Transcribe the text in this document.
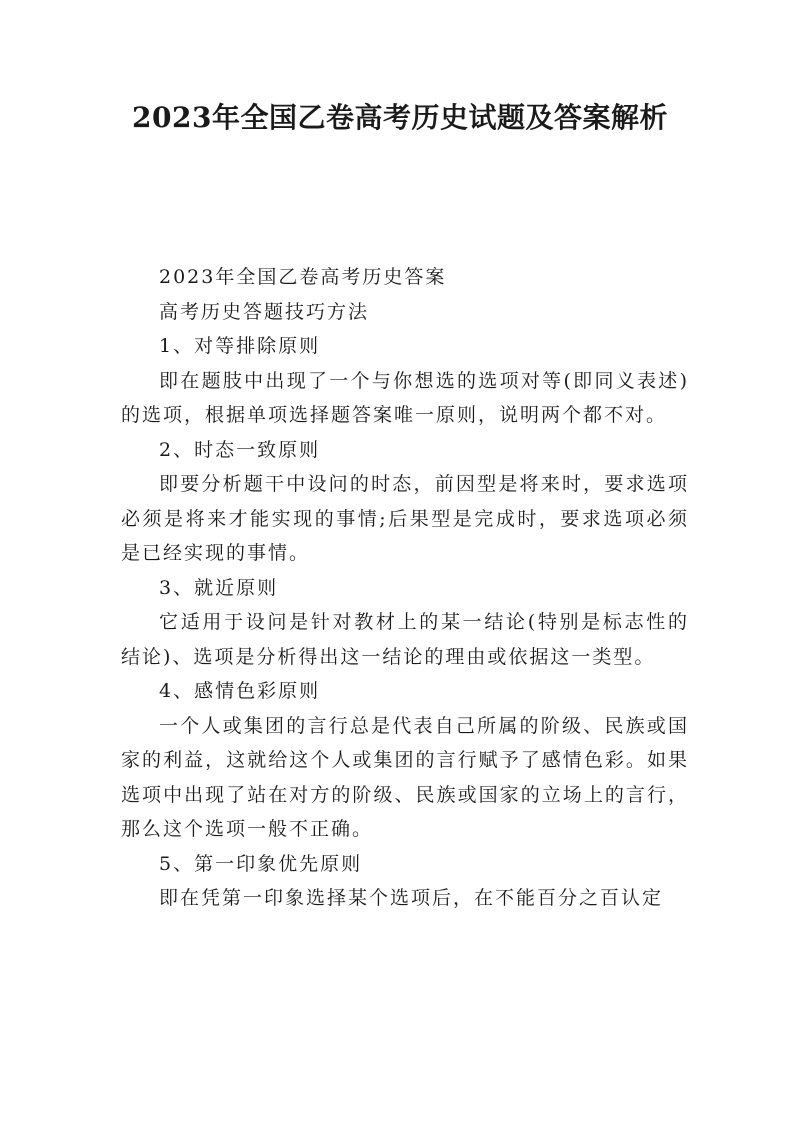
2023年全国乙卷高考历史试题及答案解析

2023年全国乙卷高考历史答案

高考历史答题技巧方法

1、对等排除原则

即在题肢中出现了一个与你想选的选项对等(即同义表述)的选项，根据单项选择题答案唯一原则，说明两个都不对。

2、时态一致原则

即要分析题干中设问的时态，前因型是将来时，要求选项必须是将来才能实现的事情;后果型是完成时，要求选项必须是已经实现的事情。

3、就近原则

它适用于设问是针对教材上的某一结论(特别是标志性的结论)、选项是分析得出这一结论的理由或依据这一类型。

4、感情色彩原则

一个人或集团的言行总是代表自己所属的阶级、民族或国家的利益，这就给这个人或集团的言行赋予了感情色彩。如果选项中出现了站在对方的阶级、民族或国家的立场上的言行，那么这个选项一般不正确。

5、第一印象优先原则

即在凭第一印象选择某个选项后，在不能百分之百认定
